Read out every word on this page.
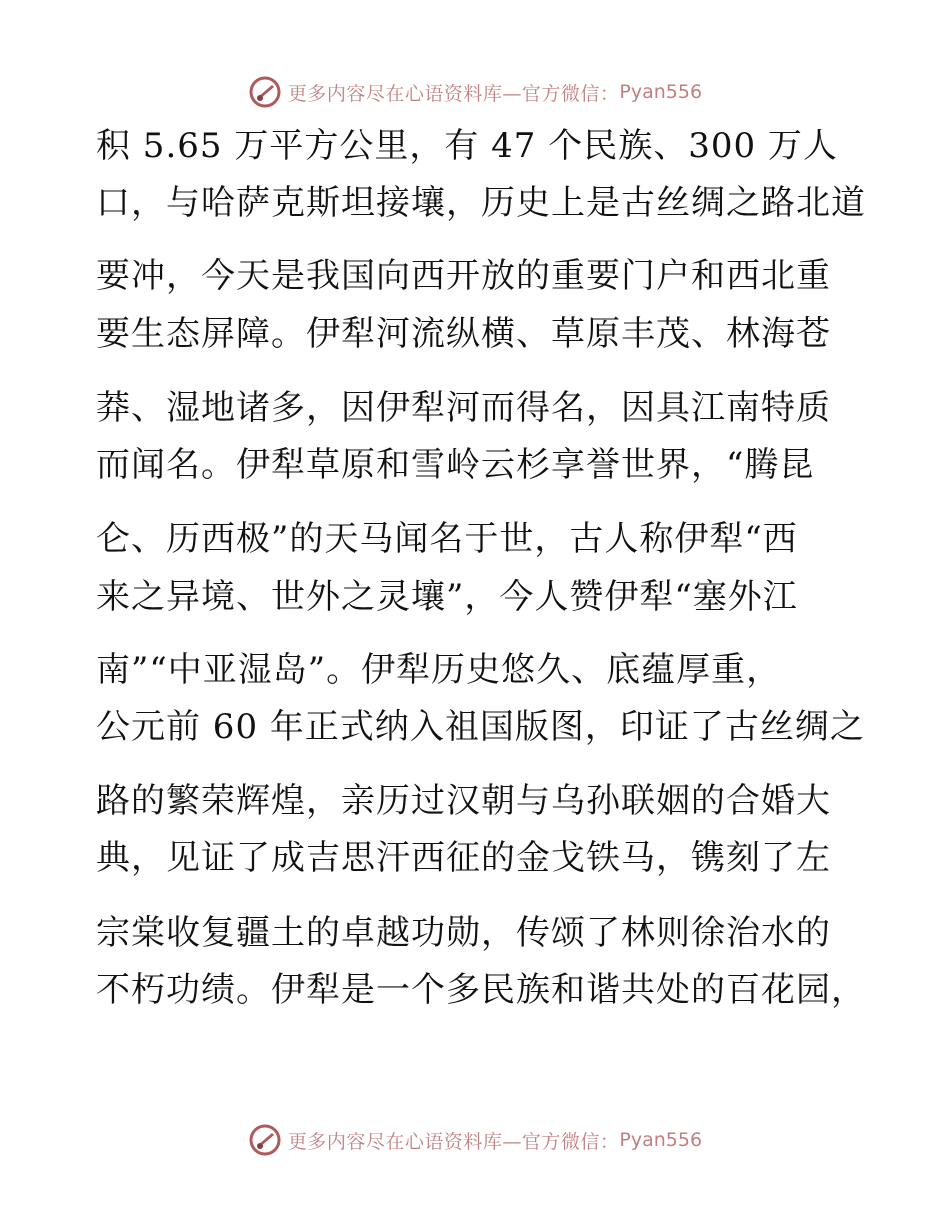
更多内容尽在心语资料库—官方微信： Pyan556
积 5.65 万平方公里，有 47 个民族、300 万人
口，与哈萨克斯坦接壤，历史上是古丝绸之路北道
要冲，今天是我国向西开放的重要门户和西北重
要生态屏障。伊犁河流纵横、草原丰茂、林海苍
莽、湿地诸多，因伊犁河而得名，因具江南特质
而闻名。伊犁草原和雪岭云杉享誉世界，“腾昆
仑、历西极”的天马闻名于世，古人称伊犁“西
来之异境、世外之灵壤”，今人赞伊犁“塞外江
南”“中亚湿岛”。伊犁历史悠久、底蕴厚重，
公元前 60 年正式纳入祖国版图，印证了古丝绸之
路的繁荣辉煌，亲历过汉朝与乌孙联姻的合婚大
典，见证了成吉思汗西征的金戈铁马，镌刻了左
宗棠收复疆土的卓越功勋，传颂了林则徐治水的
不朽功绩。伊犁是一个多民族和谐共处的百花园，
更多内容尽在心语资料库—官方微信： Pyan556
